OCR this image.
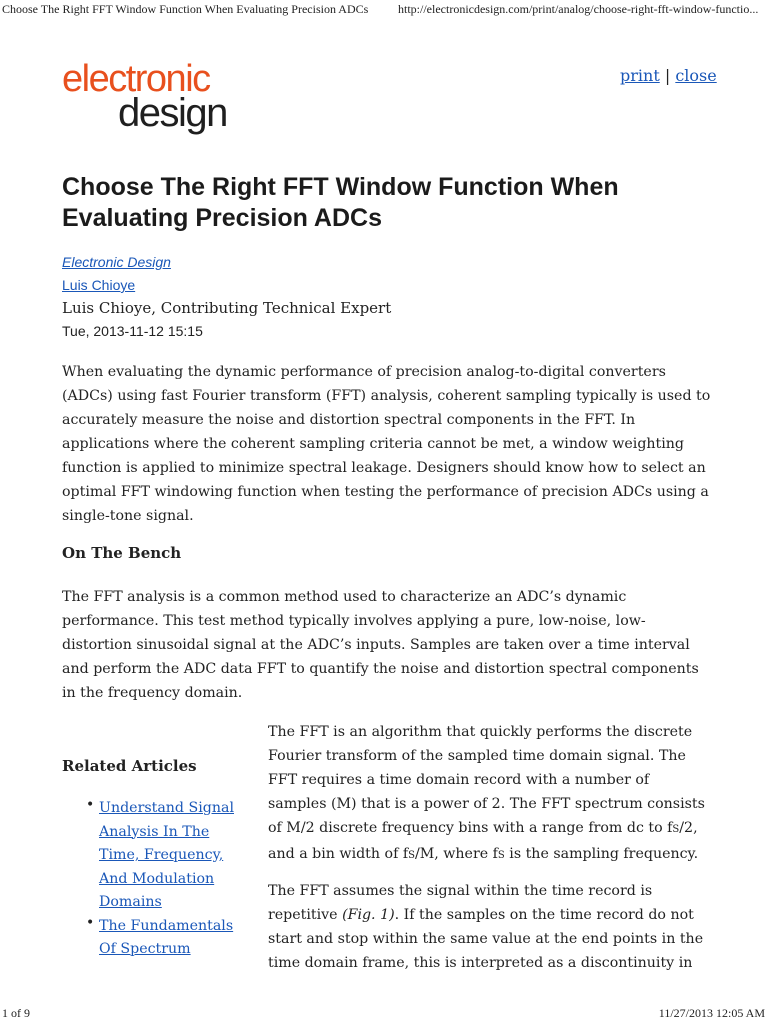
Choose The Right FFT Window Function When Evaluating Precision ADCs http://electronicdesign.com/print/analog/choose-right-fft-window-functio...
electronic
design
print | close
Choose The Right FFT Window Function When Evaluating Precision ADCs
Electronic Design
Luis Chioye
Luis Chioye, Contributing Technical Expert
Tue, 2013-11-12 15:15

When evaluating the dynamic performance of precision analog-to-digital converters (ADCs) using fast Fourier transform (FFT) analysis, coherent sampling typically is used to accurately measure the noise and distortion spectral components in the FFT. In applications where the coherent sampling criteria cannot be met, a window weighting function is applied to minimize spectral leakage. Designers should know how to select an optimal FFT windowing function when testing the performance of precision ADCs using a single-tone signal.

On The Bench

The FFT analysis is a common method used to characterize an ADC’s dynamic performance. This test method typically involves applying a pure, low-noise, low-distortion sinusoidal signal at the ADC’s inputs. Samples are taken over a time interval and perform the ADC data FFT to quantify the noise and distortion spectral components in the frequency domain.

Related Articles
• Understand Signal Analysis In The Time, Frequency, And Modulation Domains
• The Fundamentals Of Spectrum

The FFT is an algorithm that quickly performs the discrete Fourier transform of the sampled time domain signal. The FFT requires a time domain record with a number of samples (M) that is a power of 2. The FFT spectrum consists of M/2 discrete frequency bins with a range from dc to fS/2, and a bin width of fS/M, where fS is the sampling frequency.

The FFT assumes the signal within the time record is repetitive (Fig. 1). If the samples on the time record do not start and stop within the same value at the end points in the time domain frame, this is interpreted as a discontinuity in

1 of 9	11/27/2013 12:05 AM
